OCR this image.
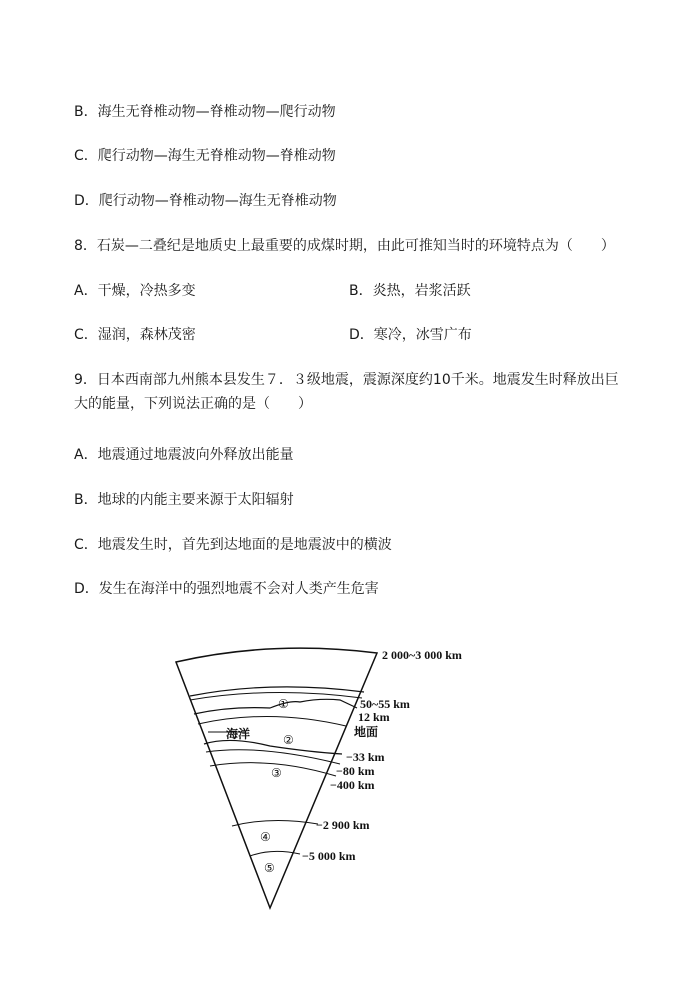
B．海生无脊椎动物—脊椎动物—爬行动物
C．爬行动物—海生无脊椎动物—脊椎动物
D．爬行动物—脊椎动物—海生无脊椎动物
8．石炭—二叠纪是地质史上最重要的成煤时期，由此可推知当时的环境特点为（　　）
A．干燥，冷热多变	B．炎热，岩浆活跃
C．湿润，森林茂密	D．寒冷，冰雪广布
9．日本西南部九州熊本县发生７．３级地震，震源深度约10千米。地震发生时释放出巨大的能量，下列说法正确的是（　　）
A．地震通过地震波向外释放出能量
B．地球的内能主要来源于太阳辐射
C．地震发生时，首先到达地面的是地震波中的横波
D．发生在海洋中的强烈地震不会对人类产生危害
①
②
③
④
⑤
海洋
2 000~3 000 km
50~55 km
12 km
地面
−33 km
−80 km
−400 km
−2 900 km
−5 000 km
